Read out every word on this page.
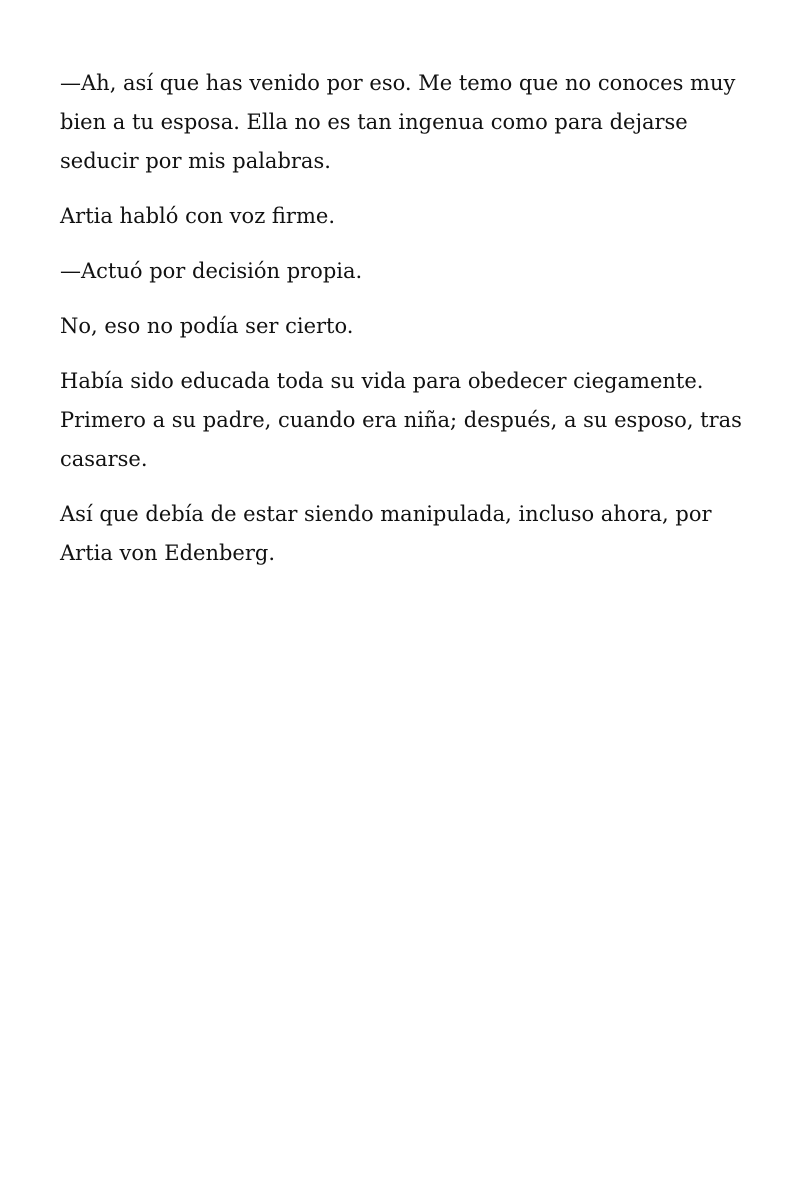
—Ah, así que has venido por eso. Me temo que no conoces muy bien a tu esposa. Ella no es tan ingenua como para dejarse seducir por mis palabras.

Artia habló con voz firme.

—Actuó por decisión propia.

No, eso no podía ser cierto.

Había sido educada toda su vida para obedecer ciegamente. Primero a su padre, cuando era niña; después, a su esposo, tras casarse.

Así que debía de estar siendo manipulada, incluso ahora, por Artia von Edenberg.
